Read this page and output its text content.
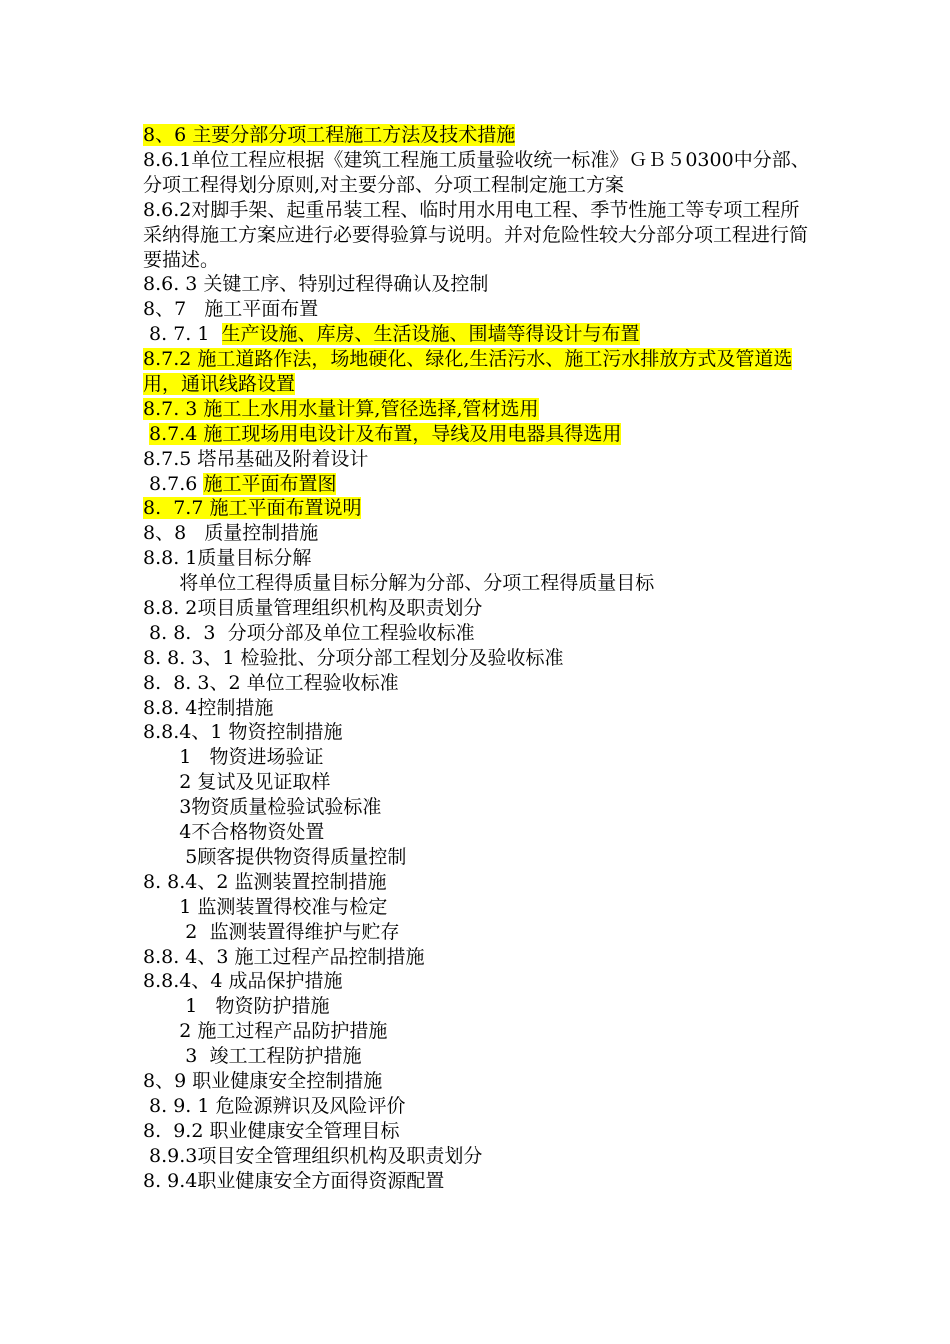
8、6 主要分部分项工程施工方法及技术措施
8.6.1单位工程应根据《建筑工程施工质量验收统一标准》ＧＢ５0300中分部、分项工程得划分原则,对主要分部、分项工程制定施工方案
8.6.2对脚手架、起重吊装工程、临时用水用电工程、季节性施工等专项工程所采纳得施工方案应进行必要得验算与说明。并对危险性较大分部分项工程进行简要描述。
8.6. 3 关键工序、特别过程得确认及控制
8、7   施工平面布置
8. 7. 1  生产设施、库房、生活设施、围墙等得设计与布置
8.7.2 施工道路作法，场地硬化、绿化,生活污水、施工污水排放方式及管道选用，通讯线路设置
8.7. 3 施工上水用水量计算,管径选择,管材选用
8.7.4 施工现场用电设计及布置，导线及用电器具得选用
8.7.5 塔吊基础及附着设计
8.7.6 施工平面布置图
8.  7.7 施工平面布置说明
8、8   质量控制措施
8.8. 1质量目标分解
将单位工程得质量目标分解为分部、分项工程得质量目标
8.8. 2项目质量管理组织机构及职责划分
8. 8.  3  分项分部及单位工程验收标准
8. 8. 3、1 检验批、分项分部工程划分及验收标准
8.  8. 3、2 单位工程验收标准
8.8. 4控制措施
8.8.4、1 物资控制措施
1   物资进场验证
2 复试及见证取样
3物资质量检验试验标准
4不合格物资处置
5顾客提供物资得质量控制
8. 8.4、2 监测装置控制措施
1 监测装置得校准与检定
2  监测装置得维护与贮存
8.8. 4、3 施工过程产品控制措施
8.8.4、4 成品保护措施
1   物资防护措施
2 施工过程产品防护措施
3  竣工工程防护措施
8、9 职业健康安全控制措施
8. 9. 1 危险源辨识及风险评价
8.  9.2 职业健康安全管理目标
8.9.3项目安全管理组织机构及职责划分
8. 9.4职业健康安全方面得资源配置
